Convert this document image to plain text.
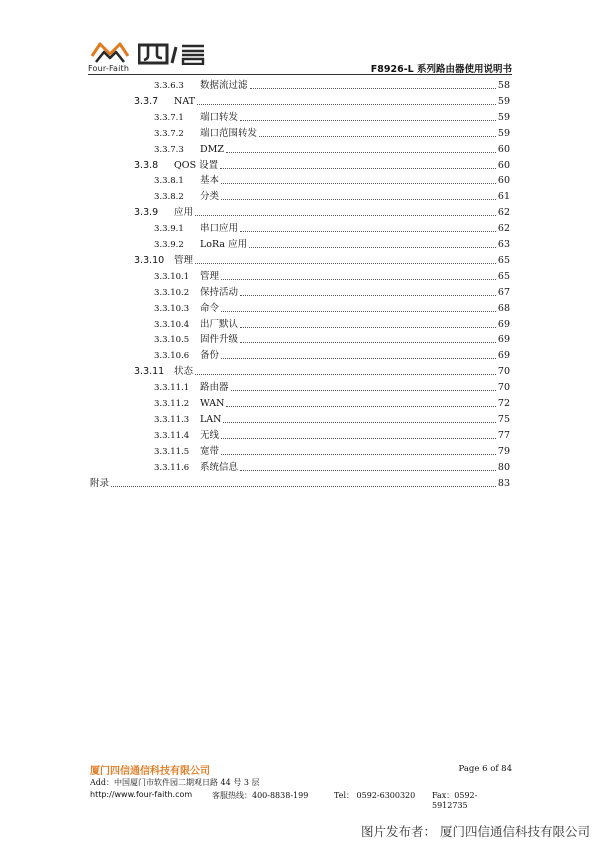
Four-Faith	F8926-L 系列路由器使用说明书
3.3.6.3	数据流过滤	58
3.3.7	NAT	59
3.3.7.1	端口转发	59
3.3.7.2	端口范围转发	59
3.3.7.3	DMZ	60
3.3.8	QOS 设置	60
3.3.8.1	基本	60
3.3.8.2	分类	61
3.3.9	应用	62
3.3.9.1	串口应用	62
3.3.9.2	LoRa 应用	63
3.3.10	管理	65
3.3.10.1	管理	65
3.3.10.2	保持活动	67
3.3.10.3	命令	68
3.3.10.4	出厂默认	69
3.3.10.5	固件升级	69
3.3.10.6	备份	69
3.3.11	状态	70
3.3.11.1	路由器	70
3.3.11.2	WAN	72
3.3.11.3	LAN	75
3.3.11.4	无线	77
3.3.11.5	宽带	79
3.3.11.6	系统信息	80
附录	83
厦门四信通信科技有限公司	Page 6 of 84
Add：中国厦门市软件园二期观日路 44 号 3 层
http://www.four-faith.com 客服热线：400-8838-199	Tel： 0592-6300320 Fax：0592-5912735
图片发布者： 厦门四信通信科技有限公司
